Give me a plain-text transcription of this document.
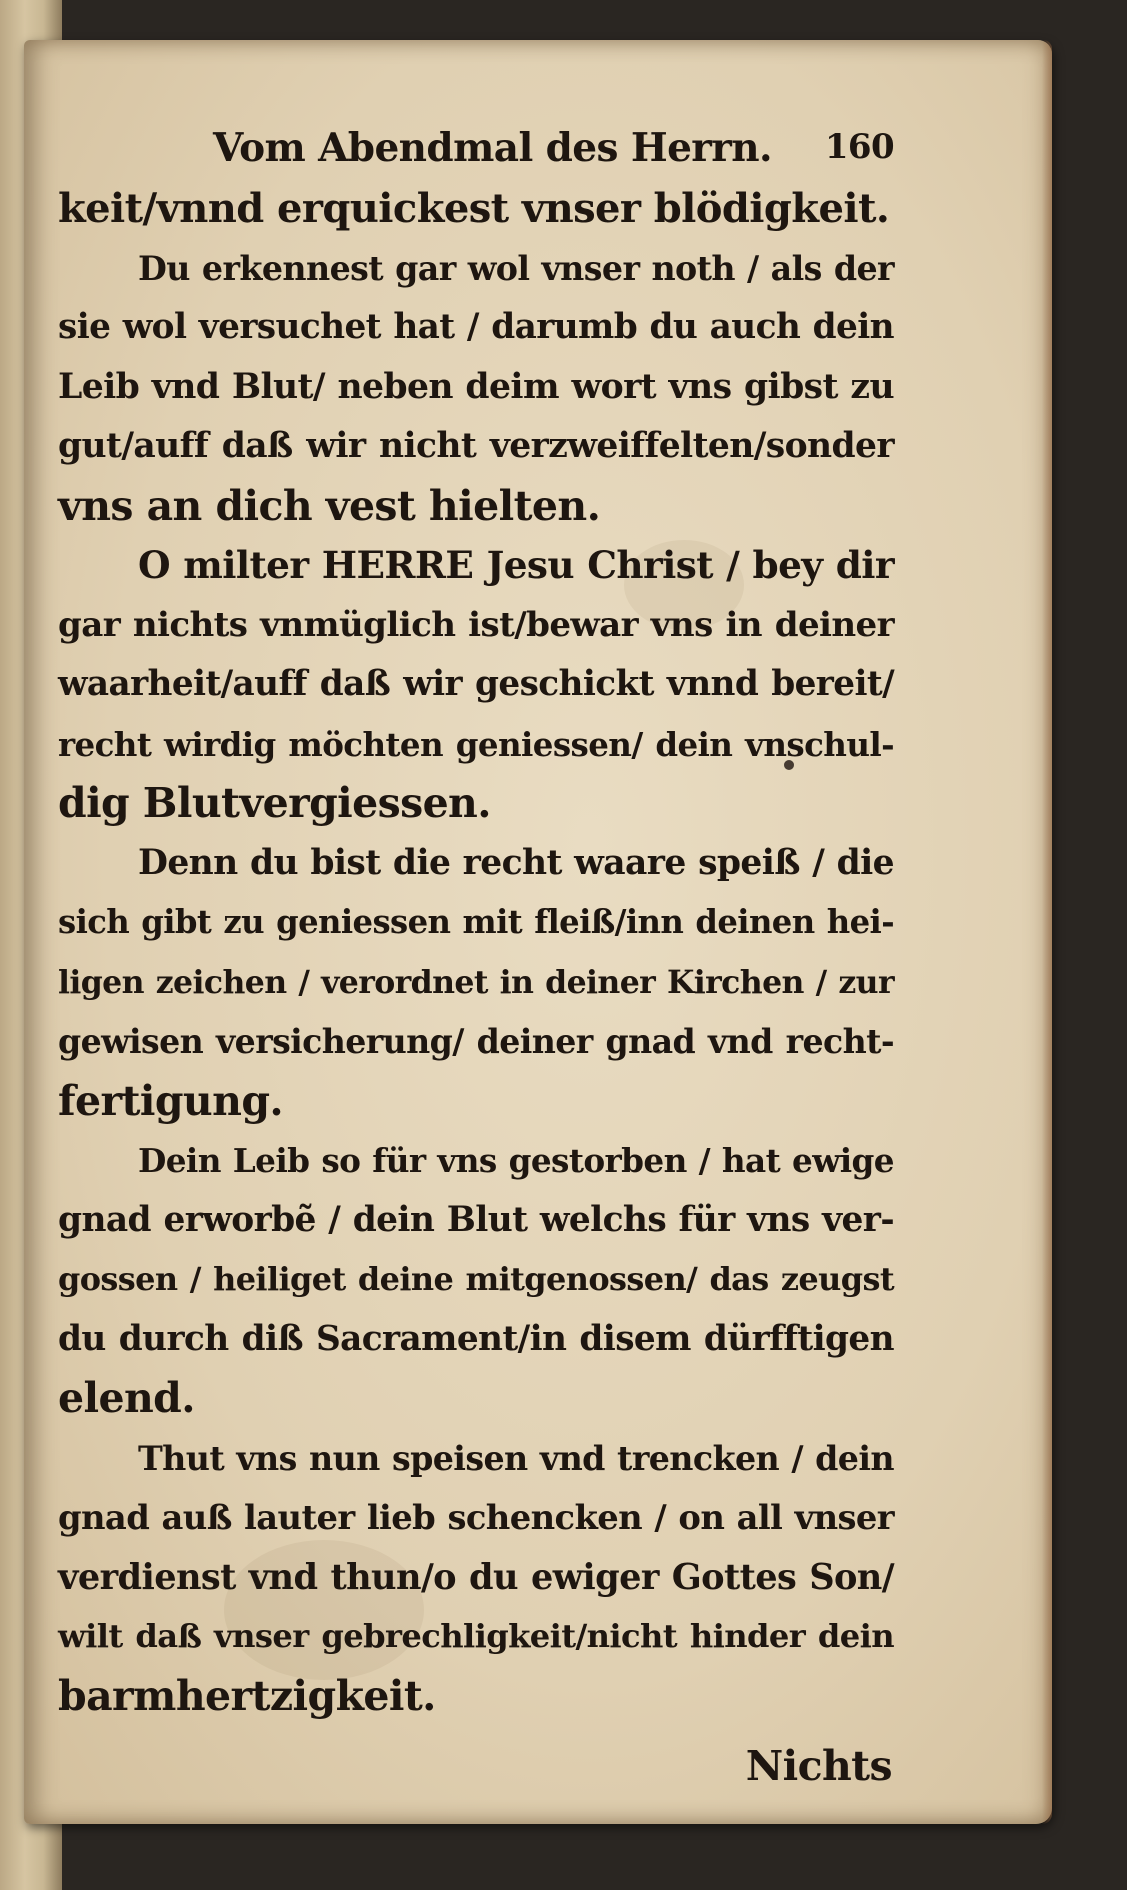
Vom Abendmal des Herrn. 160
keit/vnnd erquickest vnser blödigkeit.
Du erkennest gar wol vnser noth / als der
sie wol versuchet hat / darumb du auch dein
Leib vnd Blut/ neben deim wort vns gibst zu
gut/auff daß wir nicht verzweiffelten/sonder
vns an dich vest hielten.
O milter HERRE Jesu Christ / bey dir
gar nichts vnmüglich ist/bewar vns in deiner
waarheit/auff daß wir geschickt vnnd bereit/
recht wirdig möchten geniessen/ dein vnschul-
dig Blutvergiessen.
Denn du bist die recht waare speiß / die
sich gibt zu geniessen mit fleiß/inn deinen hei-
ligen zeichen / verordnet in deiner Kirchen / zur
gewisen versicherung/ deiner gnad vnd recht-
fertigung.
Dein Leib so für vns gestorben / hat ewige
gnad erworbẽ / dein Blut welchs für vns ver-
gossen / heiliget deine mitgenossen/ das zeugst
du durch diß Sacrament/in disem dürfftigen
elend.
Thut vns nun speisen vnd trencken / dein
gnad auß lauter lieb schencken / on all vnser
verdienst vnd thun/o du ewiger Gottes Son/
wilt daß vnser gebrechligkeit/nicht hinder dein
barmhertzigkeit.
Nichts
